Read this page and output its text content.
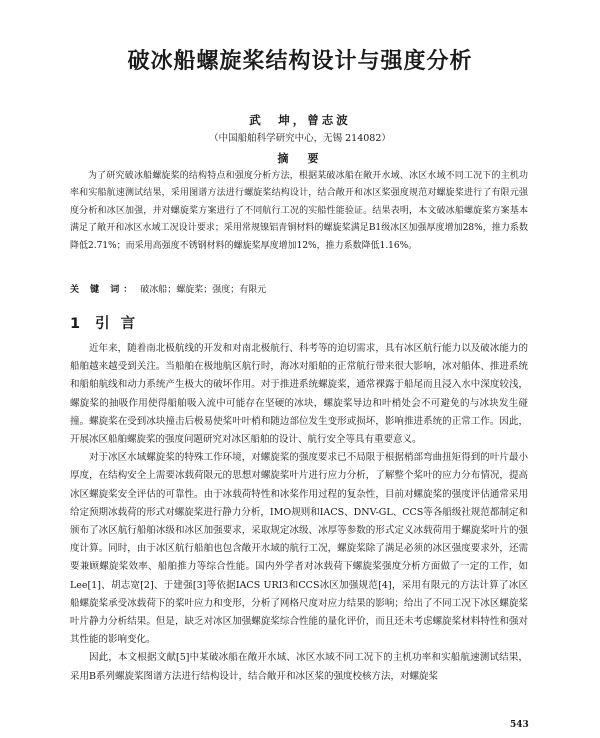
破冰船螺旋桨结构设计与强度分析
武　坤，曾志波
（中国船舶科学研究中心，无锡 214082）
摘　要
为了研究破冰船螺旋桨的结构特点和强度分析方法，根据某破冰船在敞开水域、冰区水域不同工况下的主机功率和实船航速测试结果，采用图谱方法进行螺旋桨结构设计，结合敞开和冰区桨强度规范对螺旋桨进行了有限元强度分析和冰区加强，并对螺旋桨方案进行了不同航行工况的实船性能验证。结果表明，本文破冰船螺旋桨方案基本满足了敞开和冰区水域工况设计要求；采用常规镍铝青铜材料的螺旋桨满足B1级冰区加强厚度增加28%，推力系数降低2.71%；而采用高强度不锈钢材料的螺旋桨厚度增加12%，推力系数降低1.16%。
关 键 词： 破冰船；螺旋桨；强度；有限元
1 引 言

近年来，随着南北极航线的开发和对南北极航行、科考等的迫切需求，具有冰区航行能力以及破冰能力的船舶越来越受到关注。当船舶在极地航区航行时，海冰对船舶的正常航行带来很大影响，冰对船体、推进系统和船舶航线和动力系统产生极大的破坏作用。对于推进系统螺旋桨，通常裸露于船尾而且浸入水中深度较浅，螺旋桨的抽吸作用使得船舶吸入流中可能存在坚硬的冰块，螺旋桨导边和叶梢处会不可避免的与冰块发生碰撞。螺旋桨在受到冰块撞击后极易使桨叶叶梢和随边部位发生变形或损坏，影响推进系统的正常工作。因此，开展冰区船舶螺旋桨的强度问题研究对冰区船舶的设计、航行安全等具有重要意义。

对于冰区水域螺旋桨的特殊工作环境，对螺旋桨的强度要求已不局限于根据梢部弯曲扭矩得到的叶片最小厚度，在结构安全上需要冰载荷限元的思想对螺旋桨叶片进行应力分析，了解整个桨叶的应力分布情况，提高冰区螺旋桨安全评估的可靠性。由于冰载荷特性和冰桨作用过程的复杂性，目前对螺旋桨的强度评估通常采用给定预期冰载荷的形式对螺旋桨进行静力分析，IMO规则和IACS、DNV-GL、CCS等各船级社规范都制定和颁布了冰区航行船舶冰级和冰区加强要求，采取规定冰级、冰厚等参数的形式定义冰载荷用于螺旋桨叶片的强度计算。同时，由于冰区航行船舶也包含敞开水域的航行工况，螺旋桨除了满足必须的冰区强度要求外，还需要兼顾螺旋桨效率、船舶推力等综合性能。国内外学者对冰载荷下螺旋桨强度分析方面做了一定的工作，如Lee[1]、胡志宽[2]、于建强[3]等依据IACS URI3和CCS冰区加强规范[4]，采用有限元的方法计算了冰区船螺旋桨承受冰载荷下的桨叶应力和变形，分析了网格尺度对应力结果的影响；给出了不同工况下冰区螺旋桨叶片静力分析结果。但是，缺乏对冰区加强螺旋桨综合性能的量化评价，而且还未考虑螺旋桨材料特性和强对其性能的影响变化。

因此，本文根据文献[5]中某破冰船在敞开水域、冰区水域不同工况下的主机功率和实船航速测试结果，采用B系列螺旋桨图谱方法进行结构设计，结合敞开和冰区桨的强度校核方法，对螺旋桨

543
